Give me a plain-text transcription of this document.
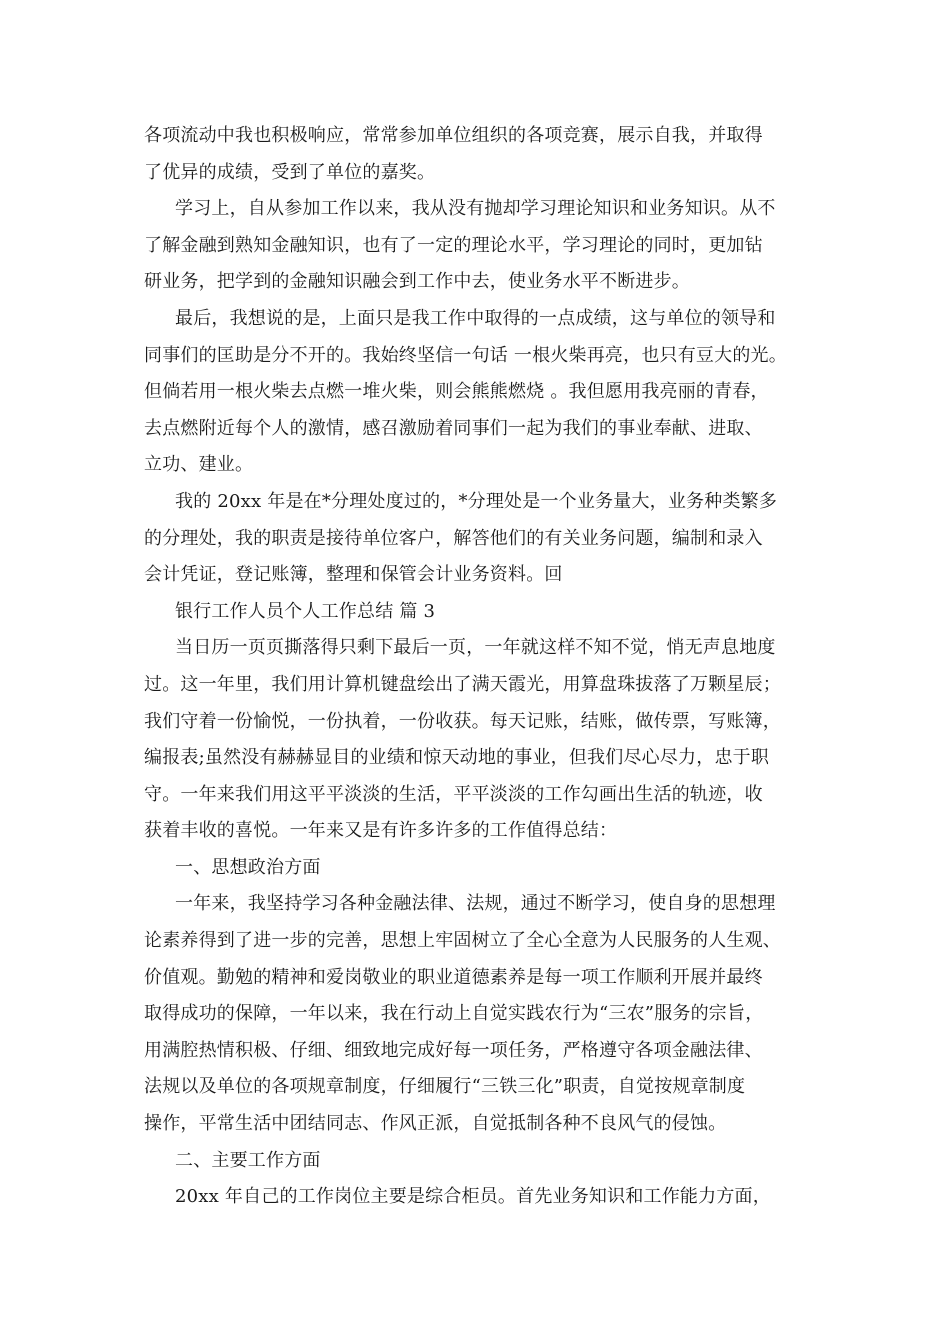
各项流动中我也积极响应，常常参加单位组织的各项竞赛，展示自我，并取得
了优异的成绩，受到了单位的嘉奖。
学习上，自从参加工作以来，我从没有抛却学习理论知识和业务知识。从不
了解金融到熟知金融知识，也有了一定的理论水平，学习理论的同时，更加钻
研业务，把学到的金融知识融会到工作中去，使业务水平不断进步。
最后，我想说的是，上面只是我工作中取得的一点成绩，这与单位的领导和
同事们的匡助是分不开的。我始终坚信一句话 一根火柴再亮，也只有豆大的光。
但倘若用一根火柴去点燃一堆火柴，则会熊熊燃烧 。我但愿用我亮丽的青春，
去点燃附近每个人的激情，感召激励着同事们一起为我们的事业奉献、进取、
立功、建业。
我的 20xx 年是在*分理处度过的，*分理处是一个业务量大，业务种类繁多
的分理处，我的职责是接待单位客户，解答他们的有关业务问题，编制和录入
会计凭证，登记账簿，整理和保管会计业务资料。回
银行工作人员个人工作总结 篇 3
当日历一页页撕落得只剩下最后一页，一年就这样不知不觉，悄无声息地度
过。这一年里，我们用计算机键盘绘出了满天霞光，用算盘珠拔落了万颗星辰；
我们守着一份愉悦，一份执着，一份收获。每天记账，结账，做传票，写账簿，
编报表;虽然没有赫赫显目的业绩和惊天动地的事业，但我们尽心尽力，忠于职
守。一年来我们用这平平淡淡的生活，平平淡淡的工作勾画出生活的轨迹，收
获着丰收的喜悦。一年来又是有许多许多的工作值得总结：
一、思想政治方面
一年来，我坚持学习各种金融法律、法规，通过不断学习，使自身的思想理
论素养得到了进一步的完善，思想上牢固树立了全心全意为人民服务的人生观、
价值观。勤勉的精神和爱岗敬业的职业道德素养是每一项工作顺利开展并最终
取得成功的保障，一年以来，我在行动上自觉实践农行为“三农”服务的宗旨，
用满腔热情积极、仔细、细致地完成好每一项任务，严格遵守各项金融法律、
法规以及单位的各项规章制度，仔细履行“三铁三化”职责，自觉按规章制度
操作，平常生活中团结同志、作风正派，自觉抵制各种不良风气的侵蚀。
二、主要工作方面
20xx 年自己的工作岗位主要是综合柜员。首先业务知识和工作能力方面，
